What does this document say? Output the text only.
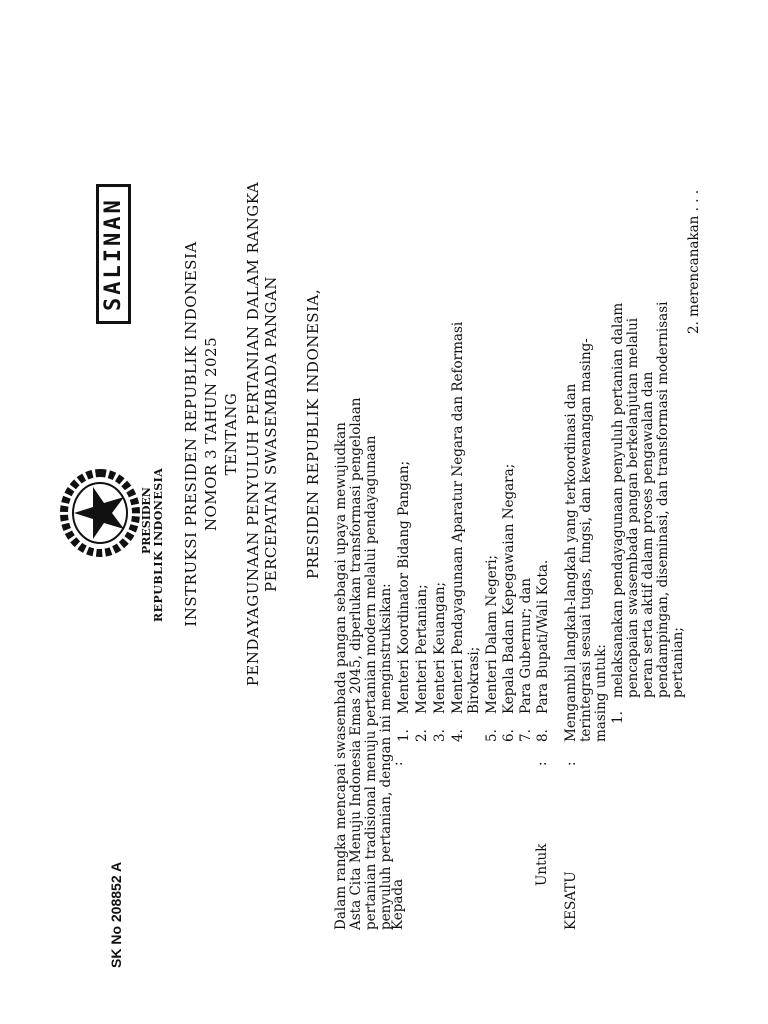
SALINAN
PRESIDEN REPUBLIK INDONESIA INSTRUKSI PRESIDEN REPUBLIK INDONESIA NOMOR 3 TAHUN 2025 TENTANG PENDAYAGUNAAN PENYULUH PERTANIAN DALAM RANGKA PERCEPATAN SWASEMBADA PANGAN PRESIDEN REPUBLIK INDONESIA, Dalam rangka mencapai swasembada pangan sebagai upaya mewujudkan Asta Cita Menuju Indonesia Emas 2045, diperlukan transformasi pengelolaan pertanian tradisional menuju pertanian modern melalui pendayagunaan penyuluh pertanian, dengan ini menginstruksikan:
Kepada
:
1.
Menteri Koordinator Bidang Pangan;
2.
Menteri Pertanian;
3.
Menteri Keuangan;
4.
Menteri Pendayagunaan Aparatur Negara dan Reformasi Birokrasi;
5.
Menteri Dalam Negeri;
6.
Kepala Badan Kepegawaian Negara;
7.
Para Gubernur; dan
8.
Para Bupati/Wali Kota.
Untuk
:
KESATU
:
Mengambil langkah-langkah yang terkoordinasi dan terintegrasi sesuai tugas, fungsi, dan kewenangan masing- masing untuk: 1.
melaksanakan pendayagunaan penyuluh pertanian dalam pencapaian swasembada pangan berkelanjutan melalui peran serta aktif dalam proses pengawalan dan pendampingan, diseminasi, dan transformasi modernisasi pertanian;
2. merencanakan . . .
SK No 208852 A
